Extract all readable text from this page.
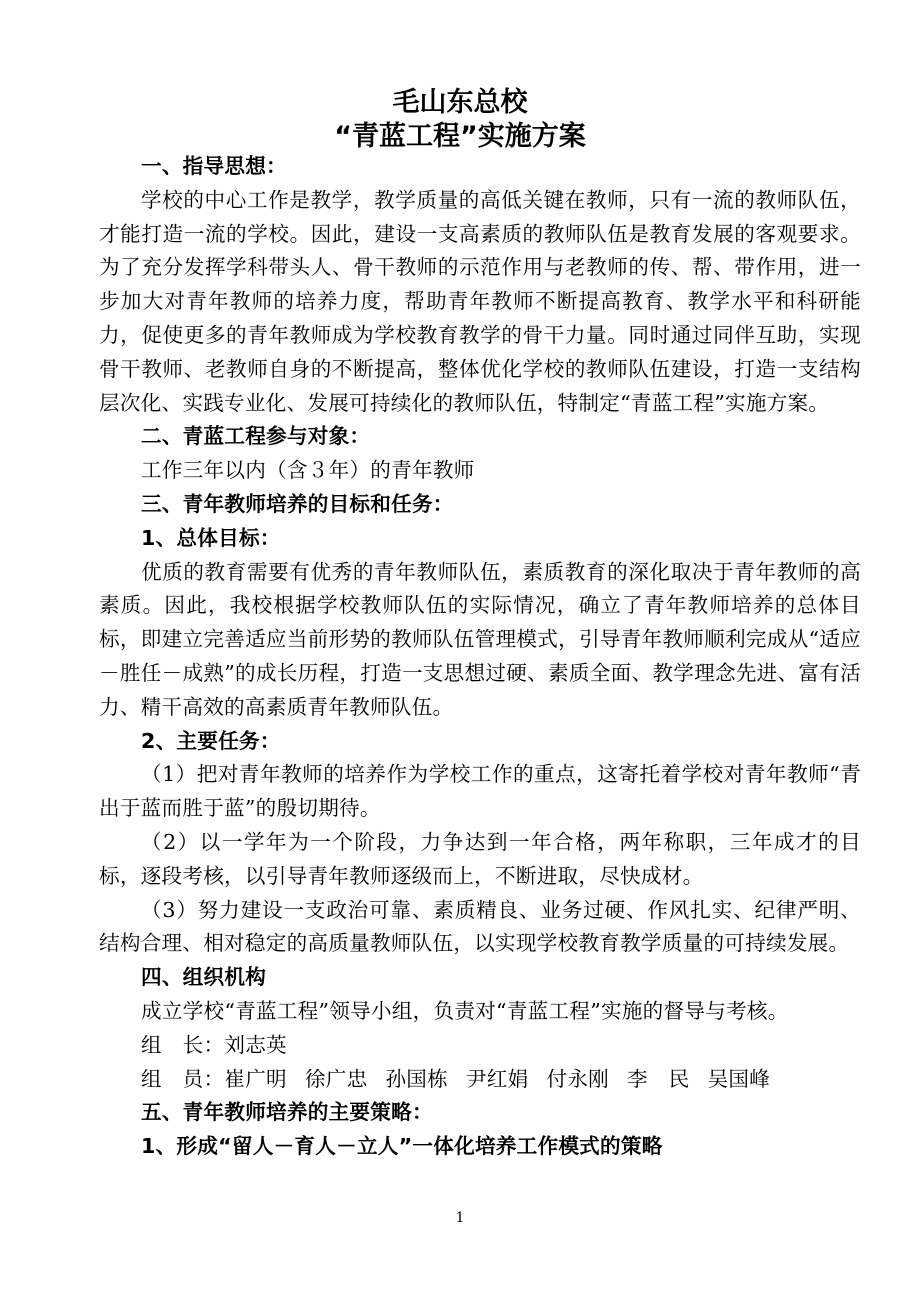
毛山东总校
“青蓝工程”实施方案

一、指导思想：

学校的中心工作是教学，教学质量的高低关键在教师，只有一流的教师队伍，才能打造一流的学校。因此，建设一支高素质的教师队伍是教育发展的客观要求。为了充分发挥学科带头人、骨干教师的示范作用与老教师的传、帮、带作用，进一步加大对青年教师的培养力度，帮助青年教师不断提高教育、教学水平和科研能力，促使更多的青年教师成为学校教育教学的骨干力量。同时通过同伴互助，实现骨干教师、老教师自身的不断提高，整体优化学校的教师队伍建设，打造一支结构层次化、实践专业化、发展可持续化的教师队伍，特制定“青蓝工程”实施方案。

二、青蓝工程参与对象：

工作三年以内（含３年）的青年教师

三、青年教师培养的目标和任务：

1、总体目标：

优质的教育需要有优秀的青年教师队伍，素质教育的深化取决于青年教师的高素质。因此，我校根据学校教师队伍的实际情况，确立了青年教师培养的总体目标，即建立完善适应当前形势的教师队伍管理模式，引导青年教师顺利完成从“适应－胜任－成熟”的成长历程，打造一支思想过硬、素质全面、教学理念先进、富有活力、精干高效的高素质青年教师队伍。

2、主要任务：

（1）把对青年教师的培养作为学校工作的重点，这寄托着学校对青年教师“青出于蓝而胜于蓝”的殷切期待。

（2）以一学年为一个阶段，力争达到一年合格，两年称职，三年成才的目标，逐段考核，以引导青年教师逐级而上，不断进取，尽快成材。

（3）努力建设一支政治可靠、素质精良、业务过硬、作风扎实、纪律严明、结构合理、相对稳定的高质量教师队伍，以实现学校教育教学质量的可持续发展。

四、组织机构

成立学校“青蓝工程”领导小组，负责对“青蓝工程”实施的督导与考核。

组　长：刘志英

组　员：崔广明 徐广忠 孙国栋 尹红娟 付永刚 李　民 吴国峰

五、青年教师培养的主要策略：

1、形成“留人－育人－立人”一体化培养工作模式的策略

1
